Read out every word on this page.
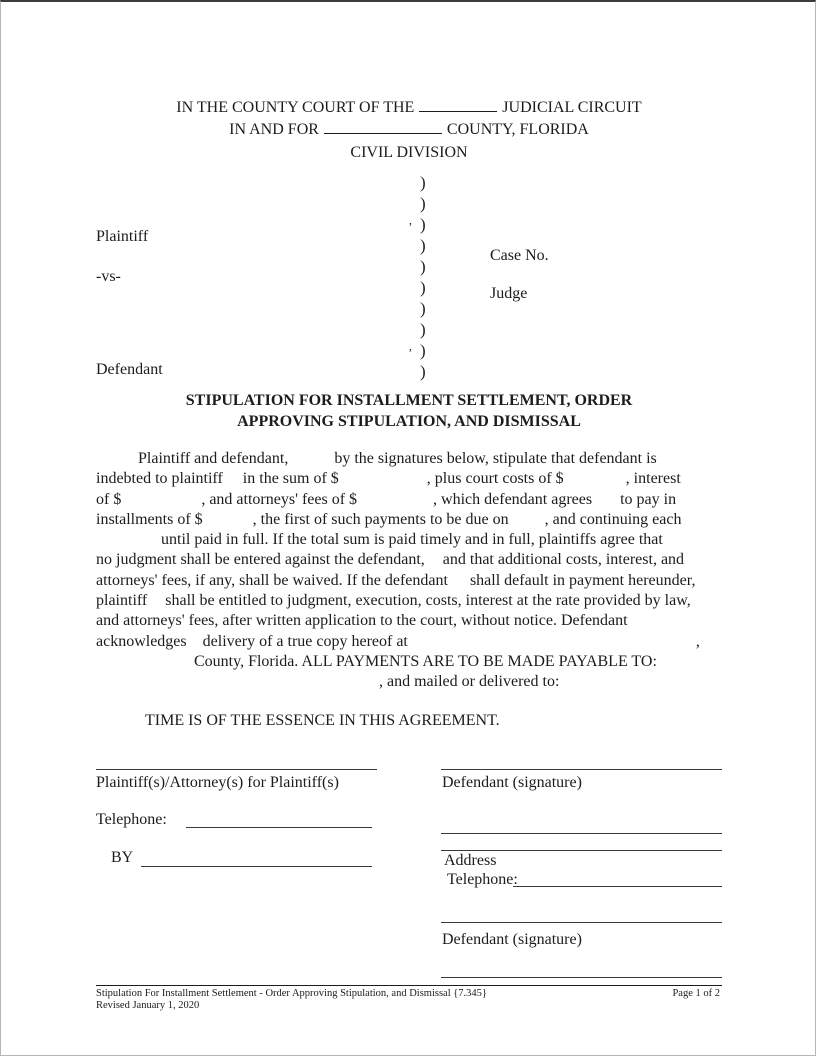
IN THE COUNTY COURT OF THE	JUDICIAL CIRCUIT
IN AND FOR	COUNTY, FLORIDA
CIVIL DIVISION
Plaintiff
-vs-
Defendant
)
)
, )
)
)
)
)
)
, )
)
Case No.
Judge
STIPULATION FOR INSTALLMENT SETTLEMENT, ORDER
APPROVING STIPULATION, AND DISMISSAL
Plaintiff and defendant,	by the signatures below, stipulate that defendant is
indebted to plaintiff in the sum of $	, plus court costs of $	, interest
of $	, and attorneys' fees of $	, which defendant agrees to pay in
installments of $	, the first of such payments to be due on , and continuing each
until paid in full. If the total sum is paid timely and in full, plaintiffs agree that
no judgment shall be entered against the defendant, and that additional costs, interest, and
attorneys' fees, if any, shall be waived. If the defendant shall default in payment hereunder,
plaintiff shall be entitled to judgment, execution, costs, interest at the rate provided by law,
and attorneys' fees, after written application to the court, without notice. Defendant
acknowledges delivery of a true copy hereof at	,
County, Florida. ALL PAYMENTS ARE TO BE MADE PAYABLE TO:
, and mailed or delivered to:
TIME IS OF THE ESSENCE IN THIS AGREEMENT.
Plaintiff(s)/Attorney(s) for Plaintiff(s)
Telephone:
BY
Defendant (signature)
Address
Telephone:
Defendant (signature)
Stipulation For Installment Settlement - Order Approving Stipulation, and Dismissal {7.345}	Page 1 of 2
Revised January 1, 2020
